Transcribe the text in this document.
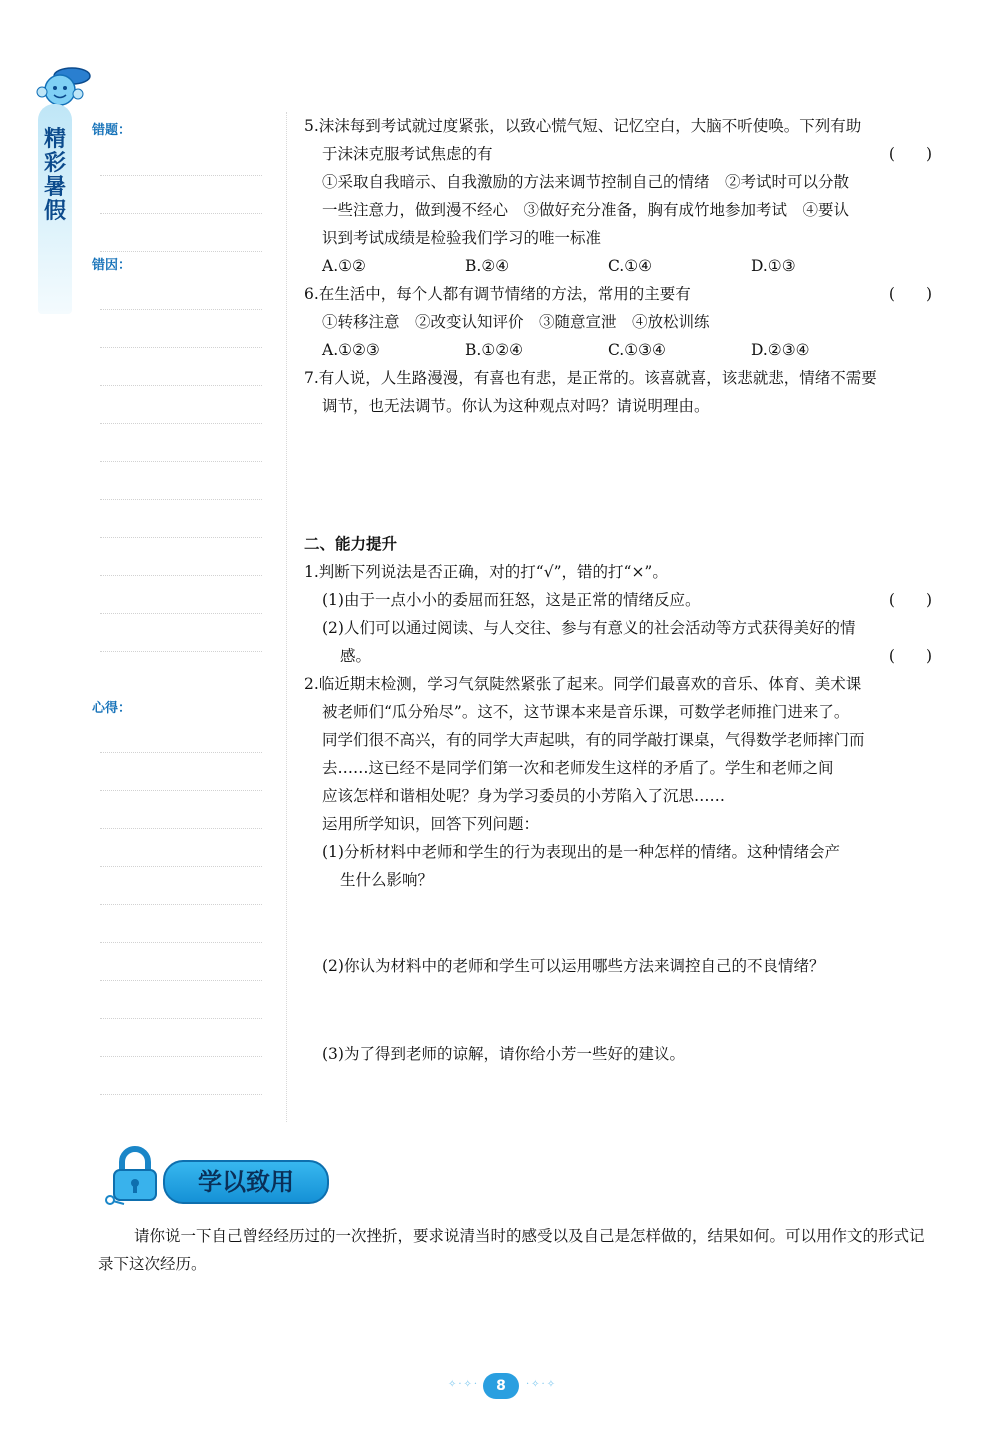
精彩暑假
错题：
错因：
心得：
5.沫沫每到考试就过度紧张，以致心慌气短、记忆空白，大脑不听使唤。下列有助
于沫沫克服考试焦虑的有	(　　)
①采取自我暗示、自我激励的方法来调节控制自己的情绪　②考试时可以分散
一些注意力，做到漫不经心　③做好充分准备，胸有成竹地参加考试　④要认
识到考试成绩是检验我们学习的唯一标准
A.①②	B.②④	C.①④	D.①③
6.在生活中，每个人都有调节情绪的方法，常用的主要有	(　　)
①转移注意　②改变认知评价　③随意宣泄　④放松训练
A.①②③	B.①②④	C.①③④	D.②③④
7.有人说，人生路漫漫，有喜也有悲，是正常的。该喜就喜，该悲就悲，情绪不需要
调节，也无法调节。你认为这种观点对吗？请说明理由。
二、能力提升
1.判断下列说法是否正确，对的打“√”，错的打“×”。
(1)由于一点小小的委屈而狂怒，这是正常的情绪反应。	(　　)
(2)人们可以通过阅读、与人交往、参与有意义的社会活动等方式获得美好的情
感。	(　　)
2.临近期末检测，学习气氛陡然紧张了起来。同学们最喜欢的音乐、体育、美术课
被老师们“瓜分殆尽”。这不，这节课本来是音乐课，可数学老师推门进来了。
同学们很不高兴，有的同学大声起哄，有的同学敲打课桌，气得数学老师摔门而
去……这已经不是同学们第一次和老师发生这样的矛盾了。学生和老师之间
应该怎样和谐相处呢？身为学习委员的小芳陷入了沉思……
运用所学知识，回答下列问题：
(1)分析材料中老师和学生的行为表现出的是一种怎样的情绪。这种情绪会产
生什么影响？
(2)你认为材料中的老师和学生可以运用哪些方法来调控自己的不良情绪？
(3)为了得到老师的谅解，请你给小芳一些好的建议。
学以致用
请你说一下自己曾经经历过的一次挫折，要求说清当时的感受以及自己是怎样做的，结果如何。可以用作文的形式记录下这次经历。
✧·✧·	8	·✧·✧
